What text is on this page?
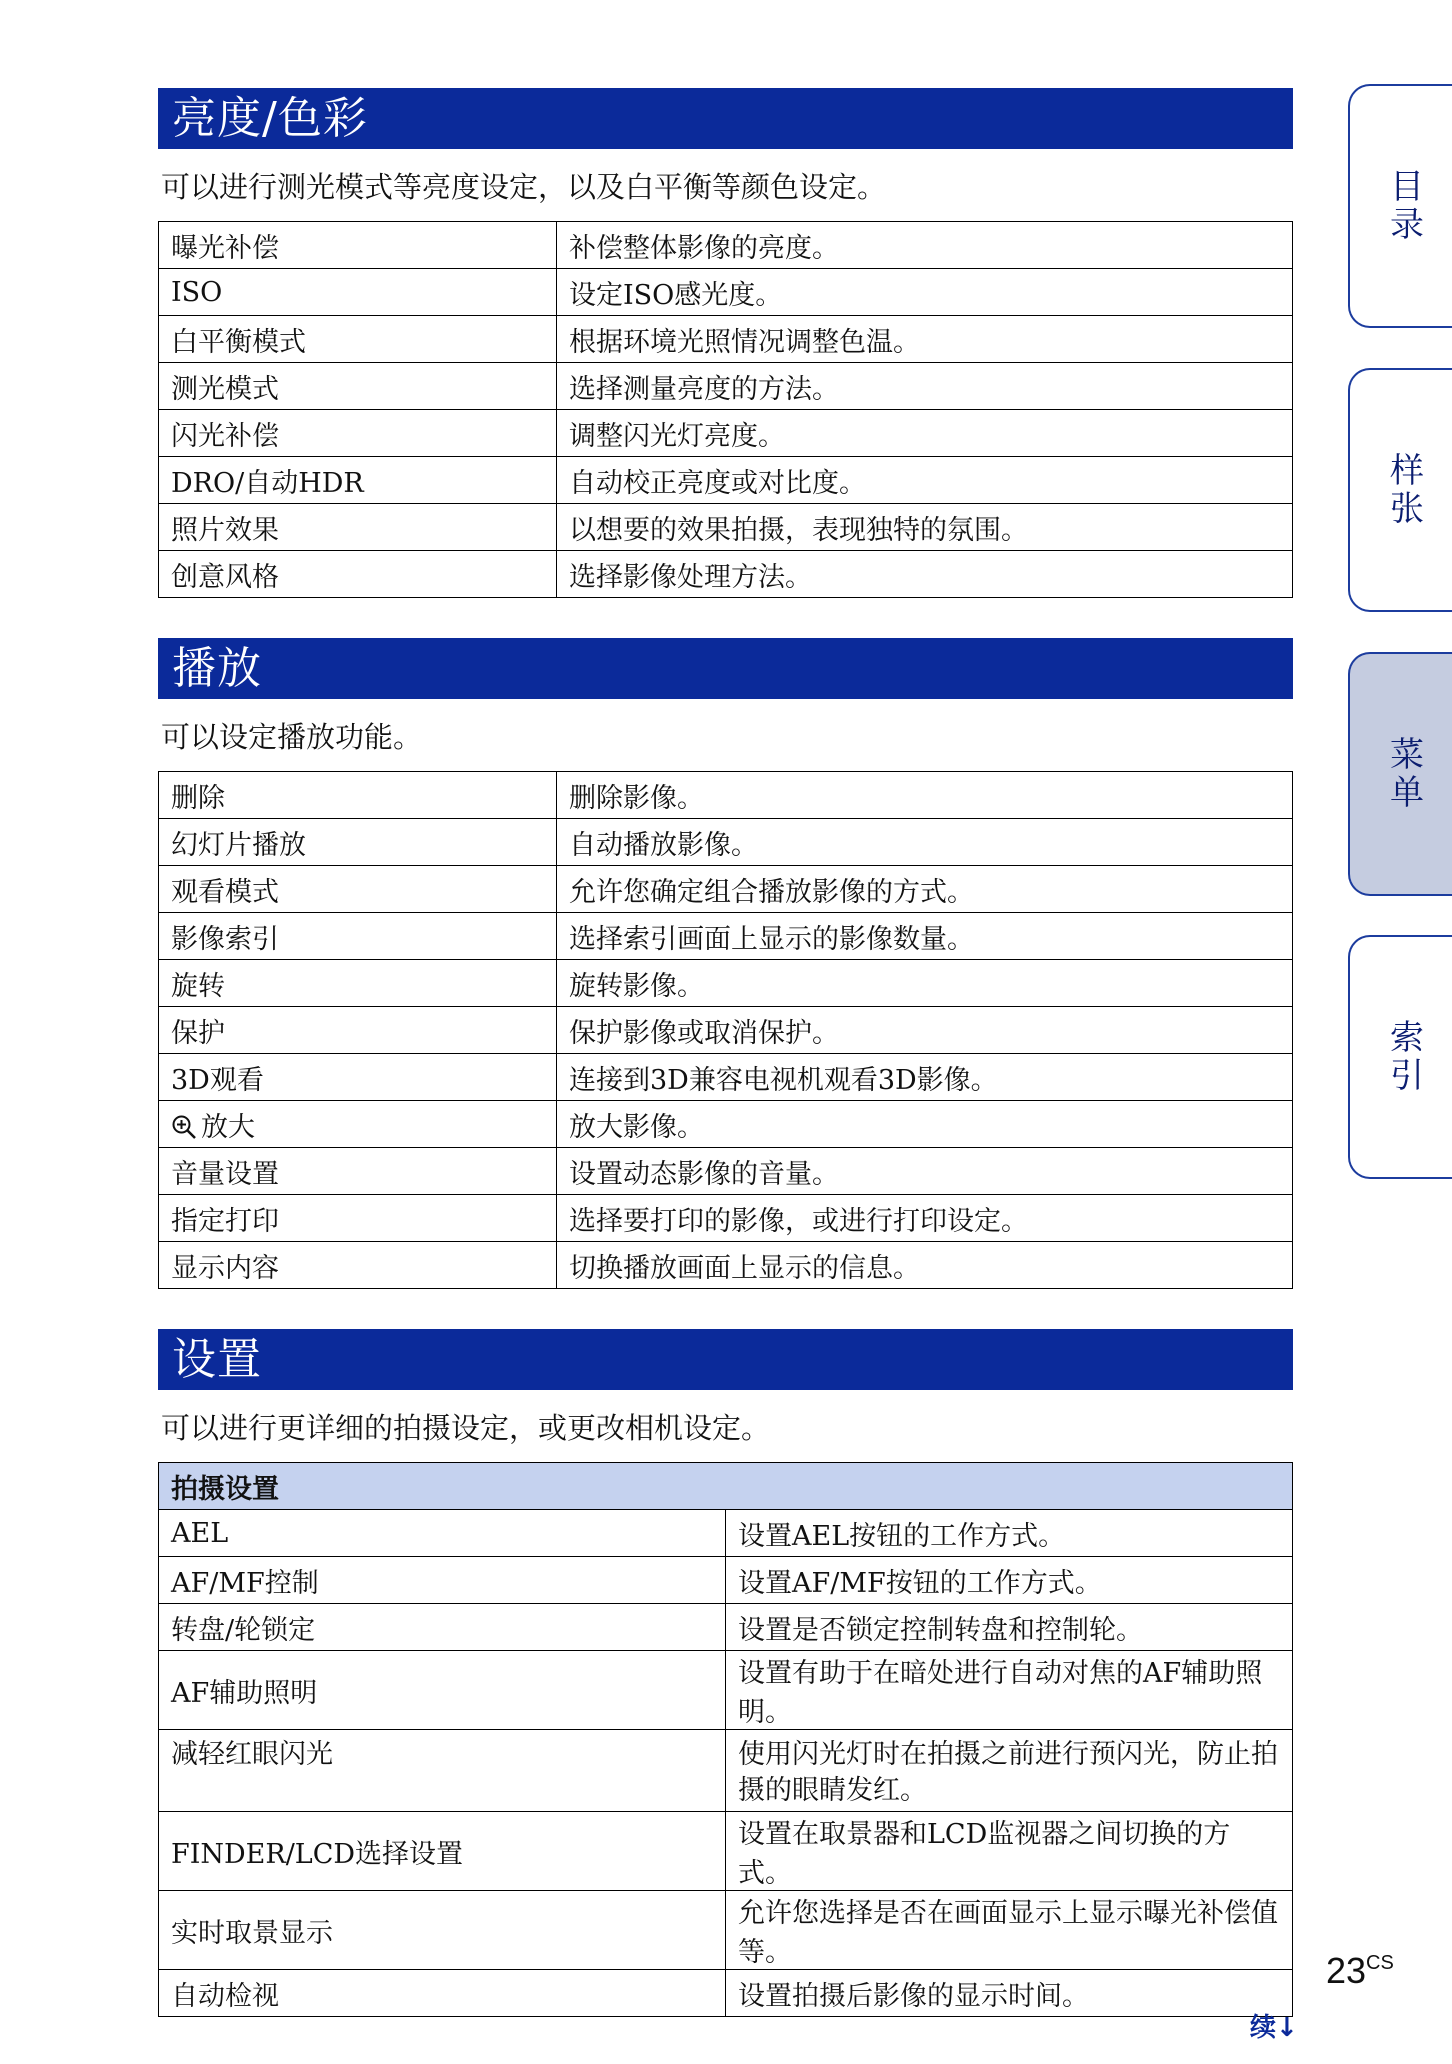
亮度/色彩
可以进行测光模式等亮度设定，以及白平衡等颜色设定。
曝光补偿	补偿整体影像的亮度。
ISO	设定ISO感光度。
白平衡模式	根据环境光照情况调整色温。
测光模式	选择测量亮度的方法。
闪光补偿	调整闪光灯亮度。
DRO/自动HDR	自动校正亮度或对比度。
照片效果	以想要的效果拍摄，表现独特的氛围。
创意风格	选择影像处理方法。
播放
可以设定播放功能。
删除	删除影像。
幻灯片播放	自动播放影像。
观看模式	允许您确定组合播放影像的方式。
影像索引	选择索引画面上显示的影像数量。
旋转	旋转影像。
保护	保护影像或取消保护。
3D观看	连接到3D兼容电视机观看3D影像。
放大	放大影像。
音量设置	设置动态影像的音量。
指定打印	选择要打印的影像，或进行打印设定。
显示内容	切换播放画面上显示的信息。
设置
可以进行更详细的拍摄设定，或更改相机设定。
拍摄设置	
AEL	设置AEL按钮的工作方式。
AF/MF控制	设置AF/MF按钮的工作方式。
转盘/轮锁定	设置是否锁定控制转盘和控制轮。
AF辅助照明	设置有助于在暗处进行自动对焦的AF辅助照明。
减轻红眼闪光	使用闪光灯时在拍摄之前进行预闪光，防止拍摄的眼睛发红。
FINDER/LCD选择设置	设置在取景器和LCD监视器之间切换的方式。
实时取景显示	允许您选择是否在画面显示上显示曝光补偿值等。
自动检视	设置拍摄后影像的显示时间。
目录
样张
菜单
索引
$23^{CS}$
续↓
